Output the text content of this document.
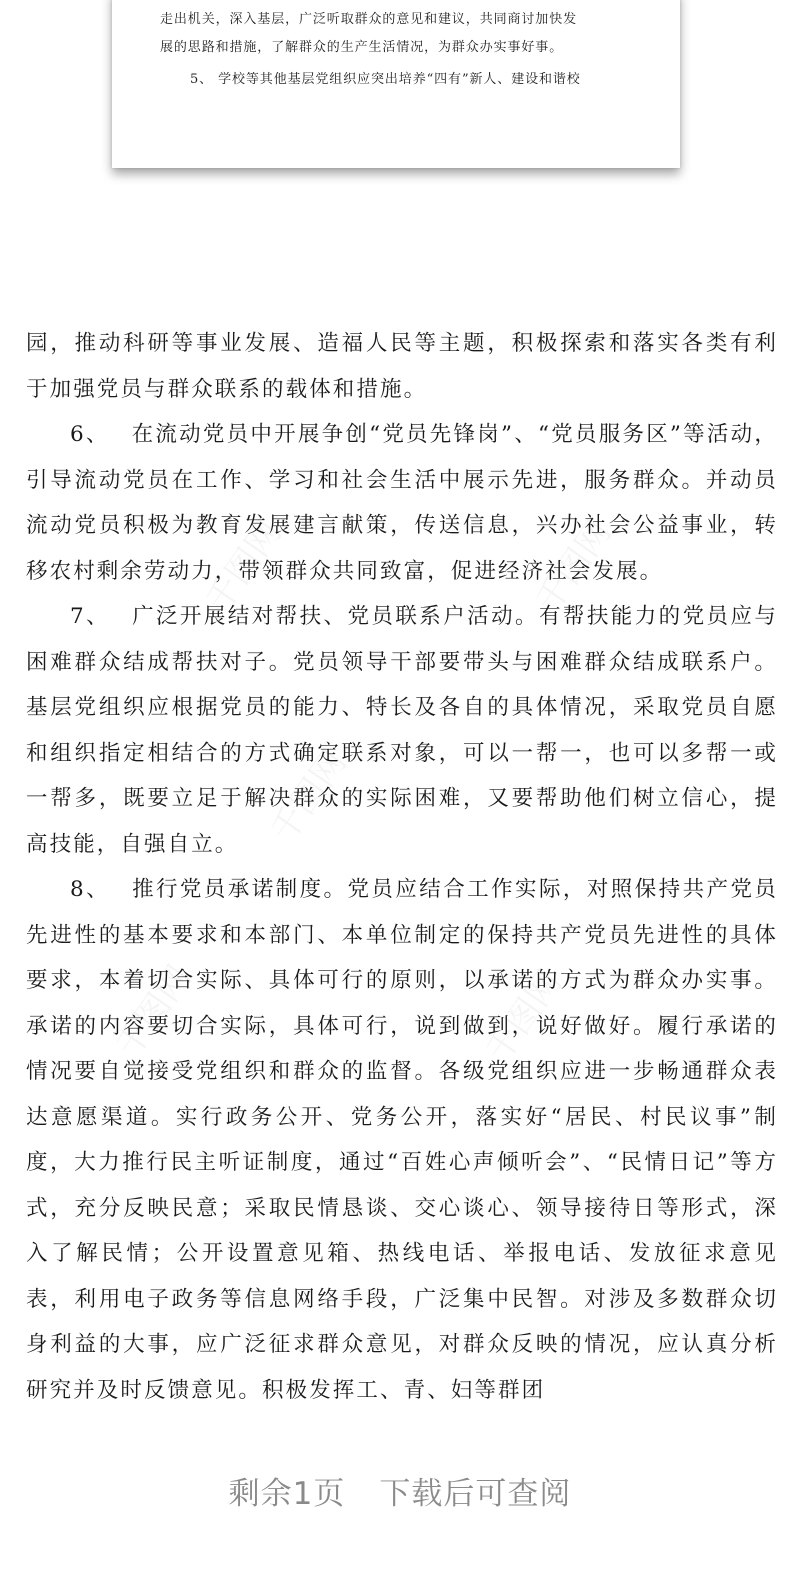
走出机关，深入基层，广泛听取群众的意见和建议，共同商讨加快发
展的思路和措施，了解群众的生产生活情况，为群众办实事好事。
5、 学校等其他基层党组织应突出培养“四有”新人、建设和谐校

园，推动科研等事业发展、造福人民等主题，积极探索和落实各类有利于加强党员与群众联系的载体和措施。

6、 在流动党员中开展争创“党员先锋岗”、“党员服务区”等活动，引导流动党员在工作、学习和社会生活中展示先进，服务群众。并动员流动党员积极为教育发展建言献策，传送信息，兴办社会公益事业，转移农村剩余劳动力，带领群众共同致富，促进经济社会发展。

7、 广泛开展结对帮扶、党员联系户活动。有帮扶能力的党员应与困难群众结成帮扶对子。党员领导干部要带头与困难群众结成联系户。基层党组织应根据党员的能力、特长及各自的具体情况，采取党员自愿和组织指定相结合的方式确定联系对象，可以一帮一，也可以多帮一或一帮多，既要立足于解决群众的实际困难，又要帮助他们树立信心，提高技能，自强自立。

8、 推行党员承诺制度。党员应结合工作实际，对照保持共产党员先进性的基本要求和本部门、本单位制定的保持共产党员先进性的具体要求，本着切合实际、具体可行的原则，以承诺的方式为群众办实事。承诺的内容要切合实际，具体可行，说到做到，说好做好。履行承诺的情况要自觉接受党组织和群众的监督。各级党组织应进一步畅通群众表达意愿渠道。实行政务公开、党务公开，落实好“居民、村民议事”制度，大力推行民主听证制度，通过“百姓心声倾听会”、“民情日记”等方式，充分反映民意；采取民情恳谈、交心谈心、领导接待日等形式，深入了解民情；公开设置意见箱、热线电话、举报电话、发放征求意见表，利用电子政务等信息网络手段，广泛集中民智。对涉及多数群众切身利益的大事，应广泛征求群众意见，对群众反映的情况，应认真分析研究并及时反馈意见。积极发挥工、青、妇等群团

剩余1页 下载后可查阅
